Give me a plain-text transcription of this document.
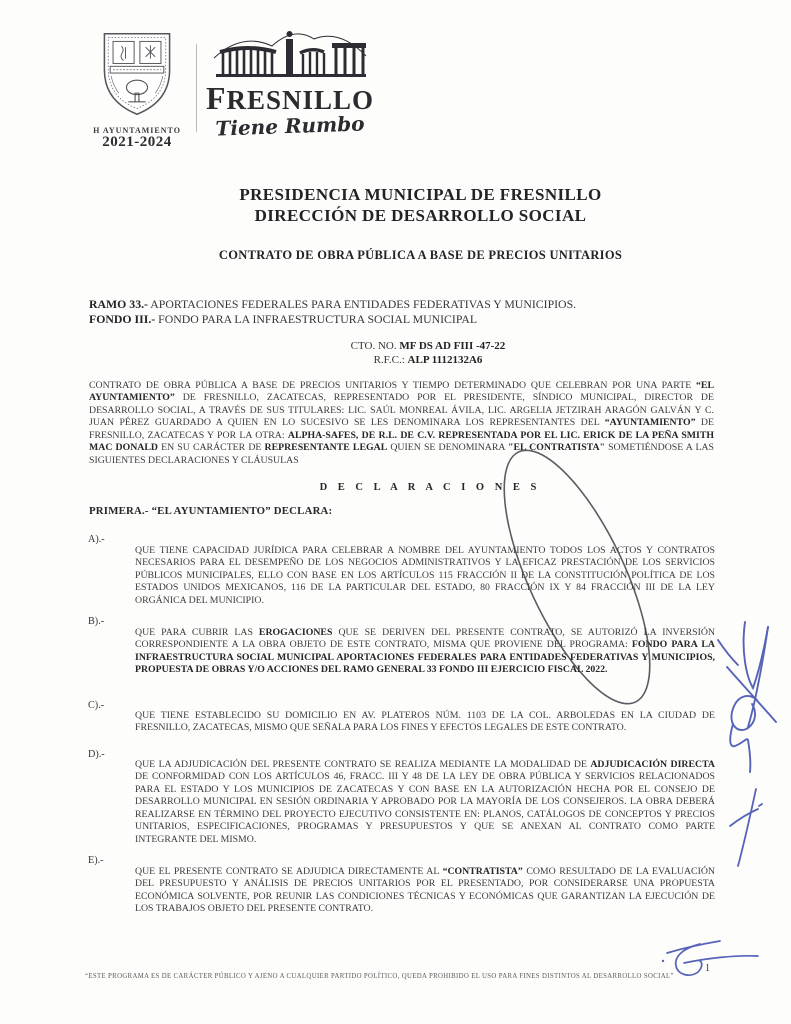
H AYUNTAMIENTO
2021-2024
FRESNILLO
Tiene Rumbo
PRESIDENCIA MUNICIPAL DE FRESNILLO
DIRECCIÓN DE DESARROLLO SOCIAL
CONTRATO DE OBRA PÚBLICA A BASE DE PRECIOS UNITARIOS
RAMO 33.- APORTACIONES FEDERALES PARA ENTIDADES FEDERATIVAS Y MUNICIPIOS.
FONDO III.- FONDO PARA LA INFRAESTRUCTURA SOCIAL MUNICIPAL
CTO. NO. MF DS AD FIII -47-22
R.F.C.: ALP 1112132A6
CONTRATO DE OBRA PÚBLICA A BASE DE PRECIOS UNITARIOS Y TIEMPO DETERMINADO QUE CELEBRAN POR UNA PARTE “EL AYUNTAMIENTO” DE FRESNILLO, ZACATECAS, REPRESENTADO POR EL PRESIDENTE, SÍNDICO MUNICIPAL, DIRECTOR DE DESARROLLO SOCIAL, A TRAVÉS DE SUS TITULARES: LIC. SAÚL MONREAL ÁVILA, LIC. ARGELIA JETZIRAH ARAGÓN GALVÁN Y C. JUAN PÉREZ GUARDADO A QUIEN EN LO SUCESIVO SE LES DENOMINARA LOS REPRESENTANTES DEL “AYUNTAMIENTO” DE FRESNILLO, ZACATECAS Y POR LA OTRA: ALPHA-SAFES, DE R.L. DE C.V. REPRESENTADA POR EL LIC. ERICK DE LA PEÑA SMITH MAC DONALD EN SU CARÁCTER DE REPRESENTANTE LEGAL QUIEN SE DENOMINARA "EL CONTRATISTA" SOMETIÉNDOSE A LAS SIGUIENTES DECLARACIONES Y CLÁUSULAS
D E C L A R A C I O N E S
PRIMERA.- “EL AYUNTAMIENTO” DECLARA:
A).-
QUE TIENE CAPACIDAD JURÍDICA PARA CELEBRAR A NOMBRE DEL AYUNTAMIENTO TODOS LOS ACTOS Y CONTRATOS NECESARIOS PARA EL DESEMPEÑO DE LOS NEGOCIOS ADMINISTRATIVOS Y LA EFICAZ PRESTACIÓN DE LOS SERVICIOS PÚBLICOS MUNICIPALES, ELLO CON BASE EN LOS ARTÍCULOS 115 FRACCIÓN II DE LA CONSTITUCIÓN POLÍTICA DE LOS ESTADOS UNIDOS MEXICANOS, 116 DE LA PARTICULAR DEL ESTADO, 80 FRACCIÓN IX Y 84 FRACCIÓN III DE LA LEY ORGÁNICA DEL MUNICIPIO.
B).-
QUE PARA CUBRIR LAS EROGACIONES QUE SE DERIVEN DEL PRESENTE CONTRATO, SE AUTORIZÓ LA INVERSIÓN CORRESPONDIENTE A LA OBRA OBJETO DE ESTE CONTRATO, MISMA QUE PROVIENE DEL PROGRAMA: FONDO PARA LA INFRAESTRUCTURA SOCIAL MUNICIPAL APORTACIONES FEDERALES PARA ENTIDADES FEDERATIVAS Y MUNICIPIOS, PROPUESTA DE OBRAS Y/O ACCIONES DEL RAMO GENERAL 33 FONDO III EJERCICIO FISCAL 2022.
C).-
QUE TIENE ESTABLECIDO SU DOMICILIO EN AV. PLATEROS NÚM. 1103 DE LA COL. ARBOLEDAS EN LA CIUDAD DE FRESNILLO, ZACATECAS, MISMO QUE SEÑALA PARA LOS FINES Y EFECTOS LEGALES DE ESTE CONTRATO.
D).-
QUE LA ADJUDICACIÓN DEL PRESENTE CONTRATO SE REALIZA MEDIANTE LA MODALIDAD DE ADJUDICACIÓN DIRECTA DE CONFORMIDAD CON LOS ARTÍCULOS 46, FRACC. III Y 48 DE LA LEY DE OBRA PÚBLICA Y SERVICIOS RELACIONADOS PARA EL ESTADO Y LOS MUNICIPIOS DE ZACATECAS Y CON BASE EN LA AUTORIZACIÓN HECHA POR EL CONSEJO DE DESARROLLO MUNICIPAL EN SESIÓN ORDINARIA Y APROBADO POR LA MAYORÍA DE LOS CONSEJEROS. LA OBRA DEBERÁ REALIZARSE EN TÉRMINO DEL PROYECTO EJECUTIVO CONSISTENTE EN: PLANOS, CATÁLOGOS DE CONCEPTOS Y PRECIOS UNITARIOS, ESPECIFICACIONES, PROGRAMAS Y PRESUPUESTOS Y QUE SE ANEXAN AL CONTRATO COMO PARTE INTEGRANTE DEL MISMO.
E).-
QUE EL PRESENTE CONTRATO SE ADJUDICA DIRECTAMENTE AL “CONTRATISTA” COMO RESULTADO DE LA EVALUACIÓN DEL PRESUPUESTO Y ANÁLISIS DE PRECIOS UNITARIOS POR EL PRESENTADO, POR CONSIDERARSE UNA PROPUESTA ECONÓMICA SOLVENTE, POR REUNIR LAS CONDICIONES TÉCNICAS Y ECONÓMICAS QUE GARANTIZAN LA EJECUCIÓN DE LOS TRABAJOS OBJETO DEL PRESENTE CONTRATO.
“ESTE PROGRAMA ES DE CARÁCTER PÚBLICO Y AJENO A CUALQUIER PARTIDO POLÍTICO, QUEDA PROHIBIDO EL USO PARA FINES DISTINTOS AL DESARROLLO SOCIAL”
1
